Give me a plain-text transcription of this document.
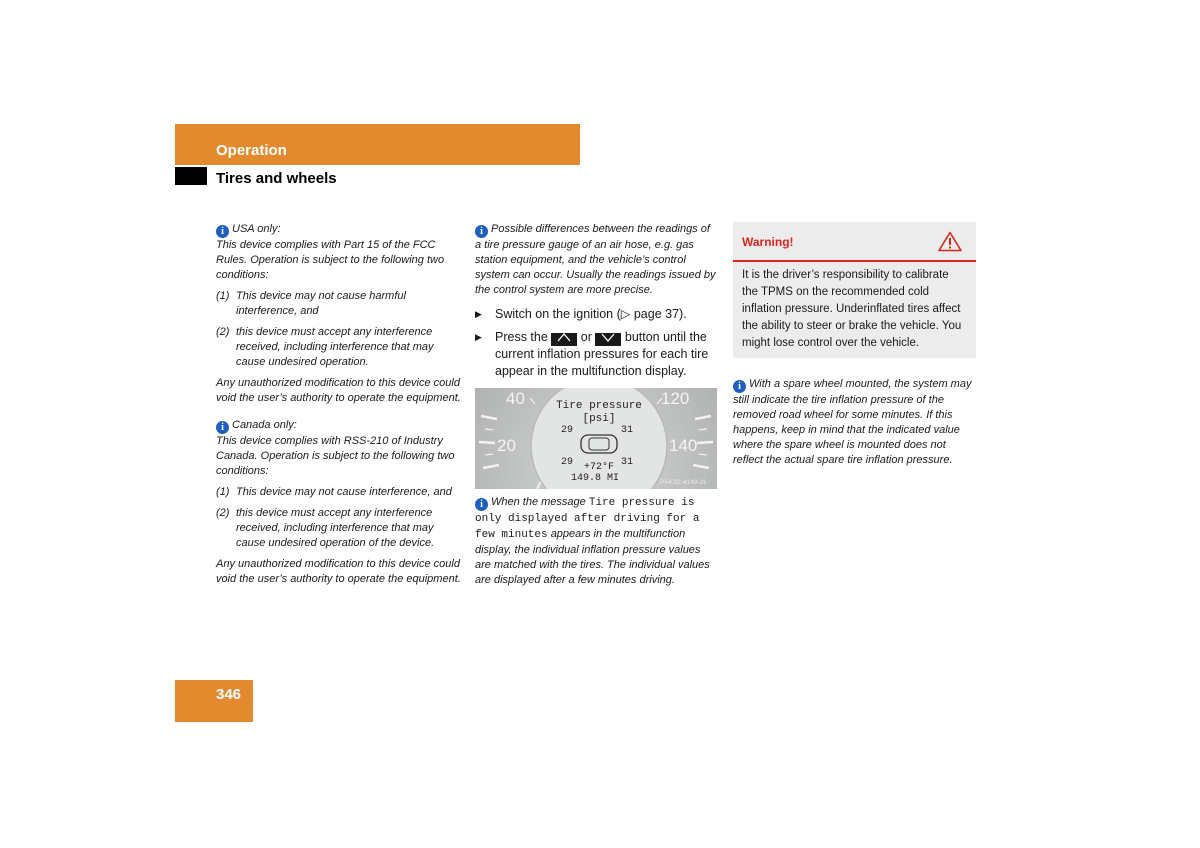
Operation
Tires and wheels

i USA only:

This device complies with Part 15 of the FCC Rules. Operation is subject to the following two conditions:

(1) This device may not cause harmful interference, and
(2) this device must accept any interference received, including interference that may cause undesired operation.

Any unauthorized modification to this device could void the user’s authority to operate the equipment.

i Canada only:

This device complies with RSS-210 of Industry Canada. Operation is subject to the following two conditions:

(1) This device may not cause interference, and
(2) this device must accept any interference received, including interference that may cause undesired operation of the device.

Any unauthorized modification to this device could void the user’s authority to operate the equipment.

i Possible differences between the readings of a tire pressure gauge of an air hose, e.g. gas station equipment, and the vehicle’s control system can occur. Usually the readings issued by the control system are more precise.

▶	Switch on the ignition (▷ page 37).
▶	Press the	or	button until the current inflation pressures for each tire appear in the multifunction display.
40
20
120
140
Tire pressure
[psi]
29	31
29	31
+72°F
149.8 MI	P54.32-4149-31

i When the message Tire pressure is only displayed after driving for a few minutes appears in the multifunction display, the individual inflation pressure values are matched with the tires. The individual values are displayed after a few minutes driving.

Warning!
It is the driver’s responsibility to calibrate the TPMS on the recommended cold inflation pressure. Underinflated tires affect the ability to steer or brake the vehicle. You might lose control over the vehicle.

i With a spare wheel mounted, the system may still indicate the tire inflation pressure of the removed road wheel for some minutes. If this happens, keep in mind that the indicated value where the spare wheel is mounted does not reflect the actual spare tire inflation pressure.

346
